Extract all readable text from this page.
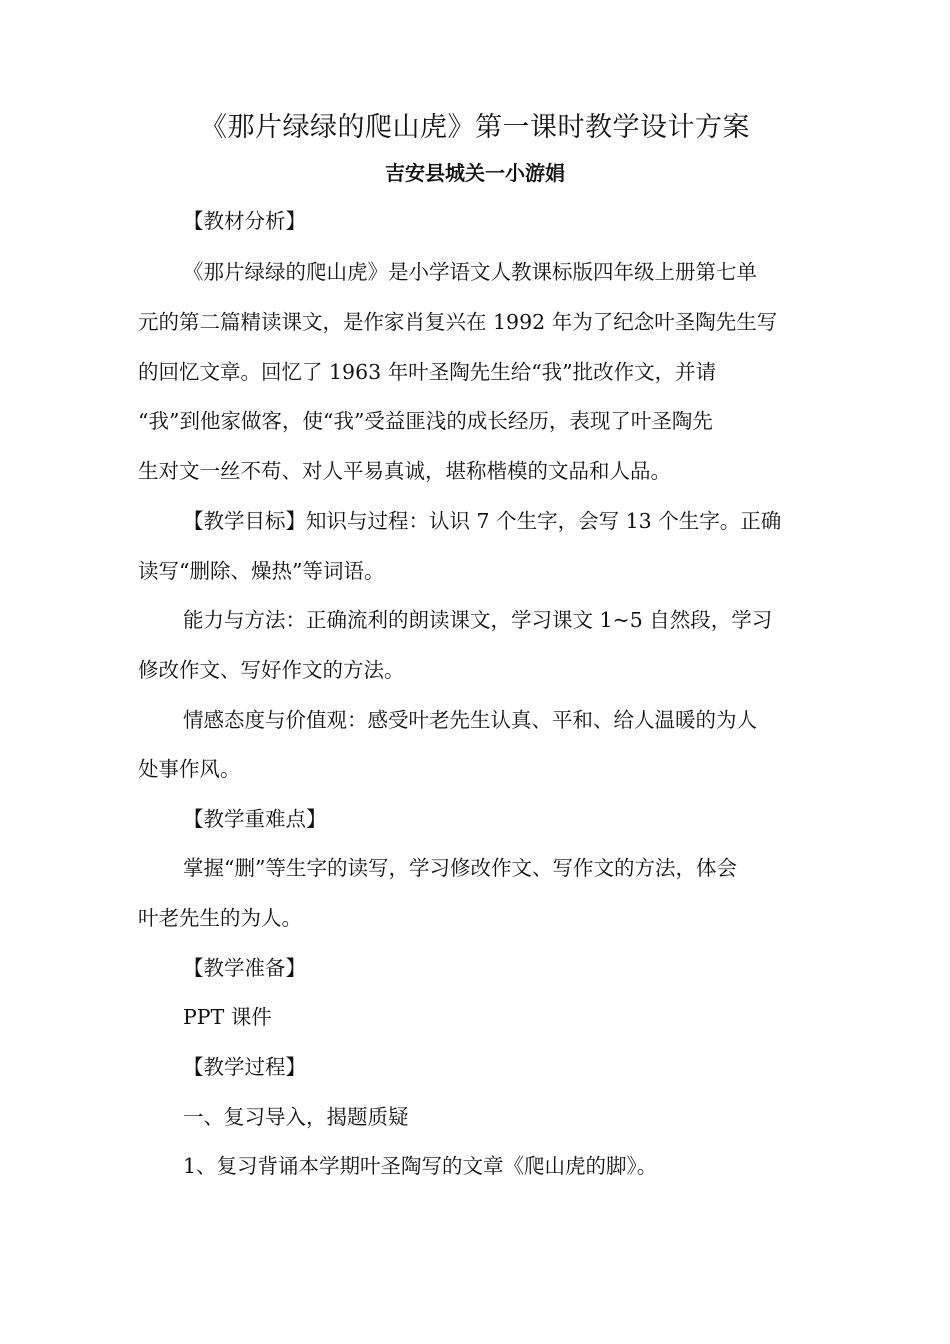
《那片绿绿的爬山虎》第一课时教学设计方案
吉安县城关一小游娟
【教材分析】
《那片绿绿的爬山虎》是小学语文人教课标版四年级上册第七单
元的第二篇精读课文，是作家肖复兴在 1992 年为了纪念叶圣陶先生写
的回忆文章。回忆了 1963 年叶圣陶先生给“我”批改作文，并请
“我”到他家做客，使“我”受益匪浅的成长经历，表现了叶圣陶先
生对文一丝不苟、对人平易真诚，堪称楷模的文品和人品。
【教学目标】知识与过程：认识 7 个生字，会写 13 个生字。正确
读写“删除、燥热”等词语。
能力与方法：正确流利的朗读课文，学习课文 1~5 自然段，学习
修改作文、写好作文的方法。
情感态度与价值观：感受叶老先生认真、平和、给人温暖的为人
处事作风。
【教学重难点】
掌握“删”等生字的读写，学习修改作文、写作文的方法，体会
叶老先生的为人。
【教学准备】
PPT 课件
【教学过程】
一、复习导入，揭题质疑
1、复习背诵本学期叶圣陶写的文章《爬山虎的脚》。
